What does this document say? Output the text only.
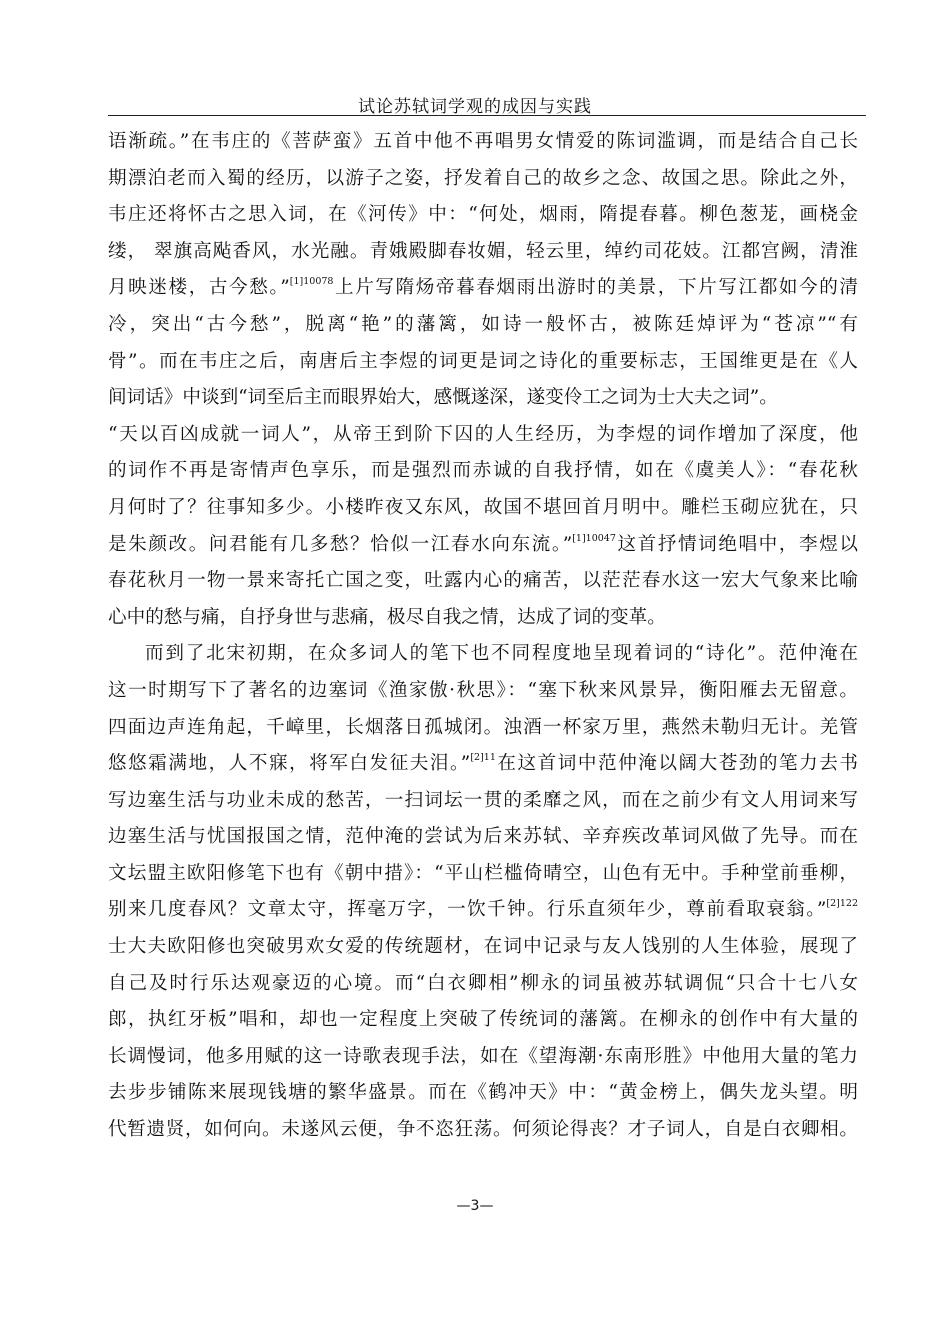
试论苏轼词学观的成因与实践
语渐疏。”在韦庄的《菩萨蛮》五首中他不再唱男女情爱的陈词滥调，而是结合自己长
期漂泊老而入蜀的经历，以游子之姿，抒发着自己的故乡之念、故国之思。除此之外，
韦庄还将怀古之思入词，在《河传》中：“何处，烟雨，隋提春暮。柳色葱茏，画桡金
缕， 翠旗高飐香风，水光融。青娥殿脚春妆媚，轻云里，绰约司花妓。江都宫阙，清淮
月映迷楼，古今愁。”$^{[1]10078}$上片写隋炀帝暮春烟雨出游时的美景，下片写江都如今的清
冷，突出“古今愁”，脱离“艳”的藩篱，如诗一般怀古，被陈廷焯评为“苍凉”“有
骨”。而在韦庄之后，南唐后主李煜的词更是词之诗化的重要标志，王国维更是在《人
间词话》中谈到“词至后主而眼界始大，感慨遂深，遂变伶工之词为士大夫之词”。
“天以百凶成就一词人”，从帝王到阶下囚的人生经历，为李煜的词作增加了深度，他
的词作不再是寄情声色享乐，而是强烈而赤诚的自我抒情，如在《虞美人》：“春花秋
月何时了？往事知多少。小楼昨夜又东风，故国不堪回首月明中。雕栏玉砌应犹在，只
是朱颜改。问君能有几多愁？恰似一江春水向东流。”$^{[1]10047}$这首抒情词绝唱中，李煜以
春花秋月一物一景来寄托亡国之变，吐露内心的痛苦，以茫茫春水这一宏大气象来比喻
心中的愁与痛，自抒身世与悲痛，极尽自我之情，达成了词的变革。
而到了北宋初期，在众多词人的笔下也不同程度地呈现着词的“诗化”。范仲淹在
这一时期写下了著名的边塞词《渔家傲·秋思》：“塞下秋来风景异，衡阳雁去无留意。
四面边声连角起，千嶂里，长烟落日孤城闭。浊酒一杯家万里，燕然未勒归无计。羌管
悠悠霜满地，人不寐，将军白发征夫泪。”$^{[2]11}$在这首词中范仲淹以阔大苍劲的笔力去书
写边塞生活与功业未成的愁苦，一扫词坛一贯的柔靡之风，而在之前少有文人用词来写
边塞生活与忧国报国之情，范仲淹的尝试为后来苏轼、辛弃疾改革词风做了先导。而在
文坛盟主欧阳修笔下也有《朝中措》：“平山栏槛倚晴空，山色有无中。手种堂前垂柳，
别来几度春风？文章太守，挥毫万字，一饮千钟。行乐直须年少，尊前看取衰翁。”$^{[2]122}$
士大夫欧阳修也突破男欢女爱的传统题材，在词中记录与友人饯别的人生体验，展现了
自己及时行乐达观豪迈的心境。而“白衣卿相”柳永的词虽被苏轼调侃“只合十七八女
郎，执红牙板”唱和，却也一定程度上突破了传统词的藩篱。在柳永的创作中有大量的
长调慢词，他多用赋的这一诗歌表现手法，如在《望海潮·东南形胜》中他用大量的笔力
去步步铺陈来展现钱塘的繁华盛景。而在《鹤冲天》中：“黄金榜上，偶失龙头望。明
代暂遗贤，如何向。未遂风云便，争不恣狂荡。何须论得丧？才子词人，自是白衣卿相。
—3—
